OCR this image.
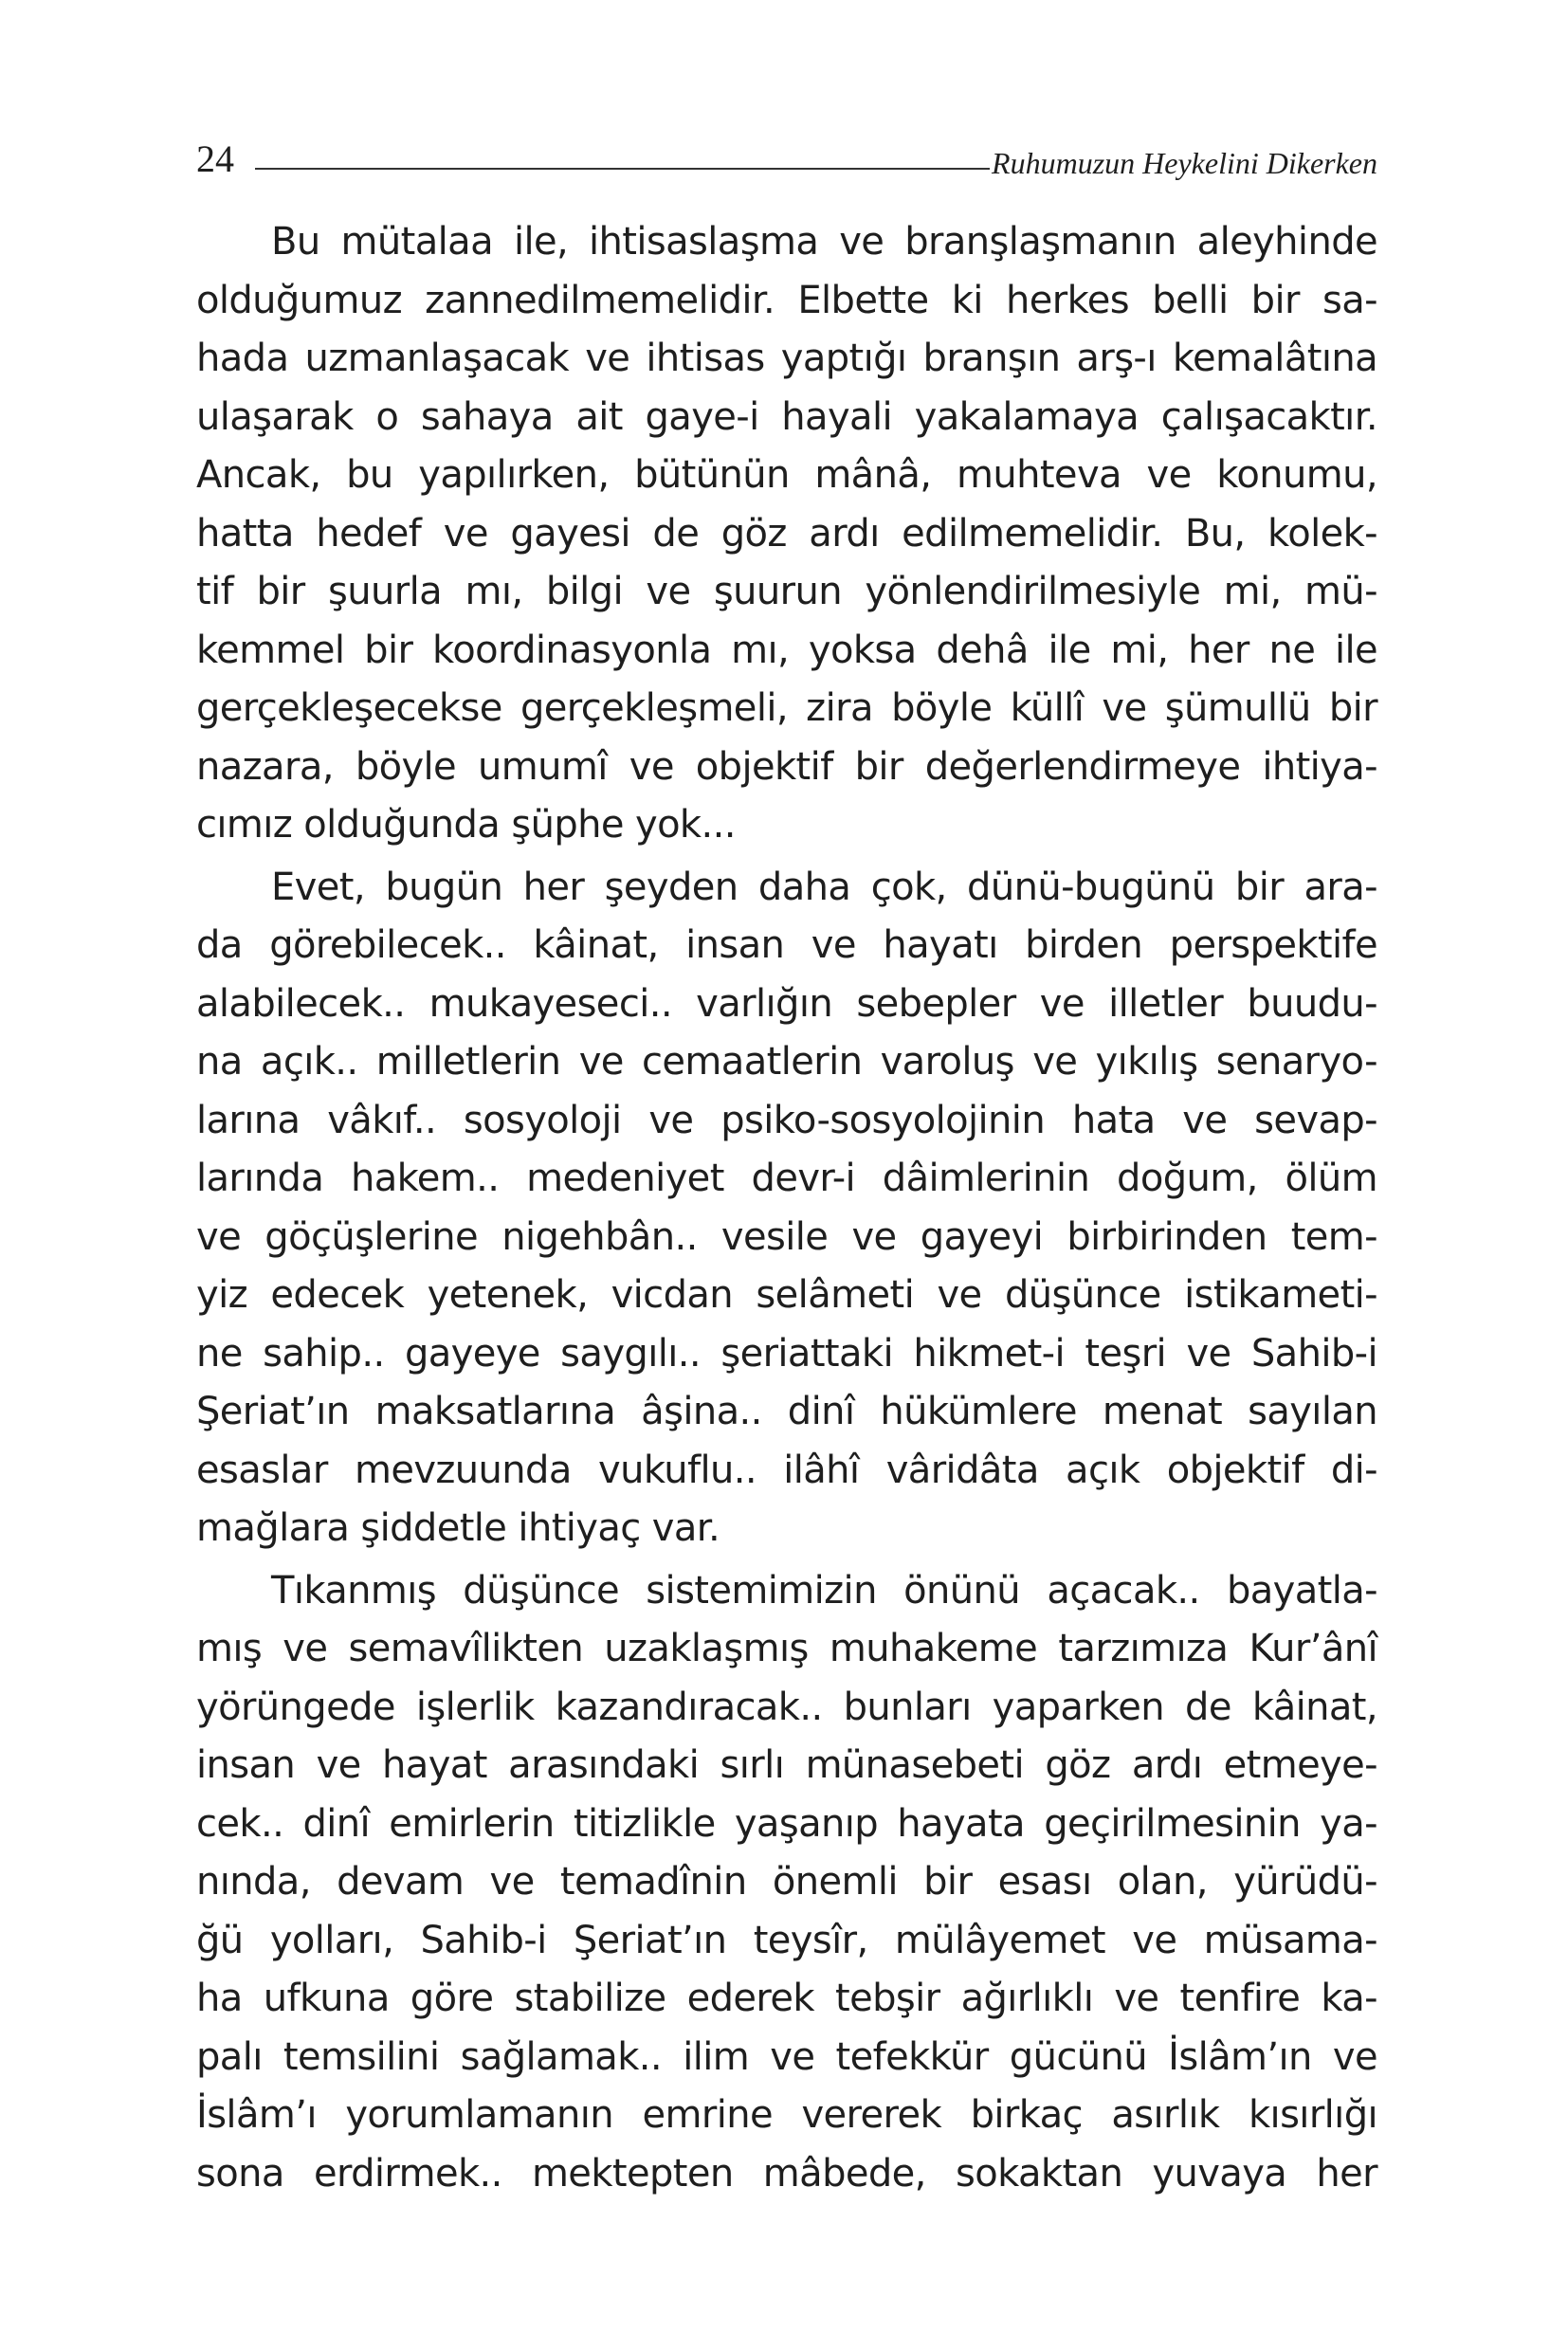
24	Ruhumuzun Heykelini Dikerken

Bu mütalaa ile, ihtisaslaşma ve branşlaşmanın aleyhinde
olduğumuz zannedilmemelidir. Elbette ki herkes belli bir sa-
hada uzmanlaşacak ve ihtisas yaptığı branşın arş-ı kemalâtına
ulaşarak o sahaya ait gaye-i hayali yakalamaya çalışacaktır.
Ancak, bu yapılırken, bütünün mânâ, muhteva ve konumu,
hatta hedef ve gayesi de göz ardı edilmemelidir. Bu, kolek-
tif bir şuurla mı, bilgi ve şuurun yönlendirilmesiyle mi, mü-
kemmel bir koordinasyonla mı, yoksa dehâ ile mi, her ne ile
gerçekleşecekse gerçekleşmeli, zira böyle küllî ve şümullü bir
nazara, böyle umumî ve objektif bir değerlendirmeye ihtiya-
cımız olduğunda şüphe yok...

Evet, bugün her şeyden daha çok, dünü-bugünü bir ara-
da görebilecek.. kâinat, insan ve hayatı birden perspektife
alabilecek.. mukayeseci.. varlığın sebepler ve illetler buudu-
na açık.. milletlerin ve cemaatlerin varoluş ve yıkılış senaryo-
larına vâkıf.. sosyoloji ve psiko-sosyolojinin hata ve sevap-
larında hakem.. medeniyet devr-i dâimlerinin doğum, ölüm
ve göçüşlerine nigehbân.. vesile ve gayeyi birbirinden tem-
yiz edecek yetenek, vicdan selâmeti ve düşünce istikameti-
ne sahip.. gayeye saygılı.. şeriattaki hikmet-i teşri ve Sahib-i
Şeriat’ın maksatlarına âşina.. dinî hükümlere menat sayılan
esaslar mevzuunda vukuflu.. ilâhî vâridâta açık objektif di-
mağlara şiddetle ihtiyaç var.

Tıkanmış düşünce sistemimizin önünü açacak.. bayatla-
mış ve semavîlikten uzaklaşmış muhakeme tarzımıza Kur’ânî
yörüngede işlerlik kazandıracak.. bunları yaparken de kâinat,
insan ve hayat arasındaki sırlı münasebeti göz ardı etmeye-
cek.. dinî emirlerin titizlikle yaşanıp hayata geçirilmesinin ya-
nında, devam ve temadînin önemli bir esası olan, yürüdü-
ğü yolları, Sahib-i Şeriat’ın teysîr, mülâyemet ve müsama-
ha ufkuna göre stabilize ederek tebşir ağırlıklı ve tenfire ka-
palı temsilini sağlamak.. ilim ve tefekkür gücünü İslâm’ın ve
İslâm’ı yorumlamanın emrine vererek birkaç asırlık kısırlığı
sona erdirmek.. mektepten mâbede, sokaktan yuvaya her
